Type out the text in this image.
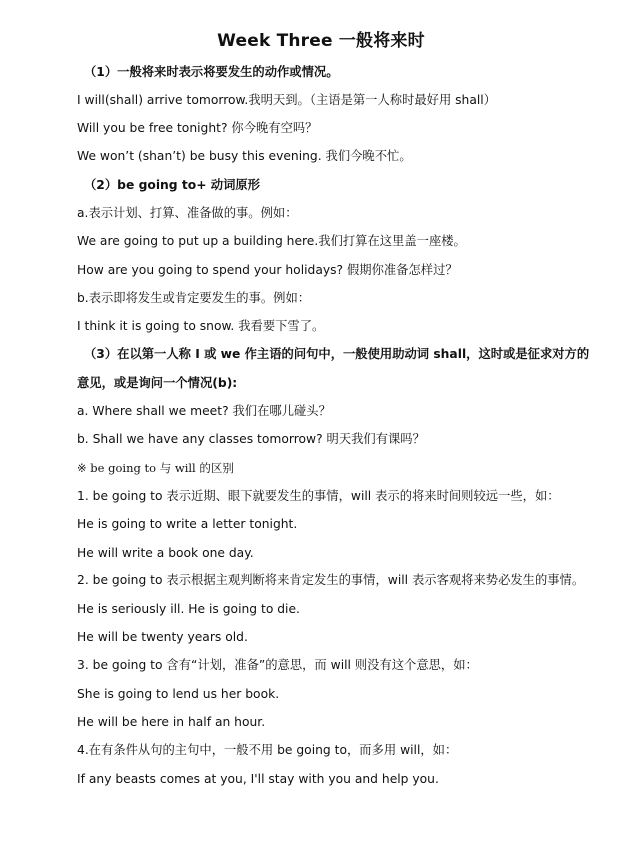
Week Three 一般将来时
（1）一般将来时表示将要发生的动作或情况。
I will(shall) arrive tomorrow.我明天到。（主语是第一人称时最好用 shall）
Will you be free tonight? 你今晚有空吗？
We won’t (shan’t) be busy this evening. 我们今晚不忙。
（2）be going to+ 动词原形
a.表示计划、打算、准备做的事。例如：
We are going to put up a building here.我们打算在这里盖一座楼。
How are you going to spend your holidays? 假期你准备怎样过？
b.表示即将发生或肯定要发生的事。例如：
I think it is going to snow. 我看要下雪了。
（3）在以第一人称 I 或 we 作主语的问句中，一般使用助动词 shall，这时或是征求对方的
意见，或是询问一个情况(b):
a. Where shall we meet? 我们在哪儿碰头？
b. Shall we have any classes tomorrow? 明天我们有课吗？
※ be going to 与 will 的区别
1. be going to 表示近期、眼下就要发生的事情，will 表示的将来时间则较远一些，如：
He is going to write a letter tonight.
He will write a book one day.
2. be going to 表示根据主观判断将来肯定发生的事情，will 表示客观将来势必发生的事情。
He is seriously ill. He is going to die.
He will be twenty years old.
3. be going to 含有“计划，准备”的意思，而 will 则没有这个意思，如：
She is going to lend us her book.
He will be here in half an hour.
4.在有条件从句的主句中，一般不用 be going to，而多用 will，如：
If any beasts comes at you, I'll stay with you and help you.
